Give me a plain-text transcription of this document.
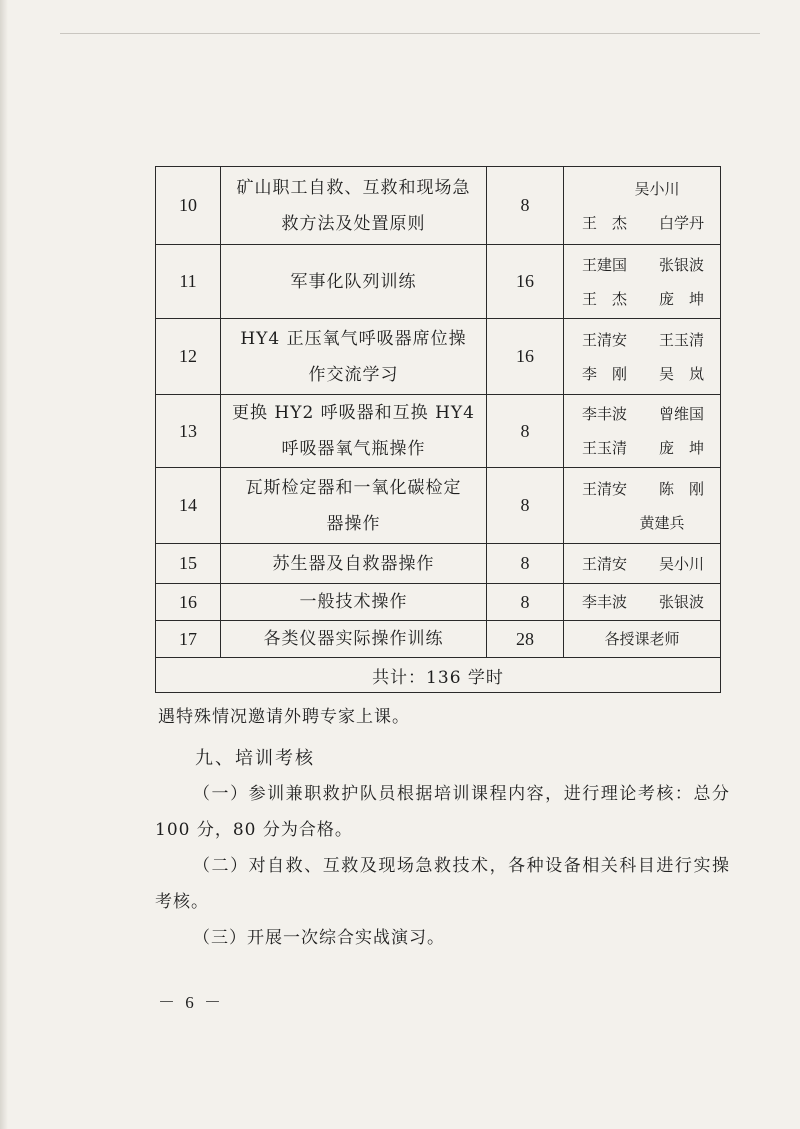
10	矿山职工自救、互救和现场急
救方法及处置原则	8	吴小川
王　杰 白学丹

11	军事化队列训练	16	王建国 张银波
王　杰 庞　坤

12	HY4 正压氧气呼吸器席位操
作交流学习	16	王清安 王玉清
李　刚 吴　岚

13	更换 HY2 呼吸器和互换 HY4
呼吸器氧气瓶操作	8	李丰波 曾维国
王玉清 庞　坤

14	瓦斯检定器和一氧化碳检定
器操作	8	王清安 陈　刚
黄建兵

15	苏生器及自救器操作	8	王清安 吴小川

16	一般技术操作	8	李丰波 张银波

17	各类仪器实际操作训练	28	各授课老师

共计：136 学时			
遇特殊情况邀请外聘专家上课。
九、培训考核

（一）参训兼职救护队员根据培训课程内容，进行理论考核：总分 100 分，80 分为合格。

（二）对自救、互救及现场急救技术，各种设备相关科目进行实操考核。

（三）开展一次综合实战演习。

－ 6 －
